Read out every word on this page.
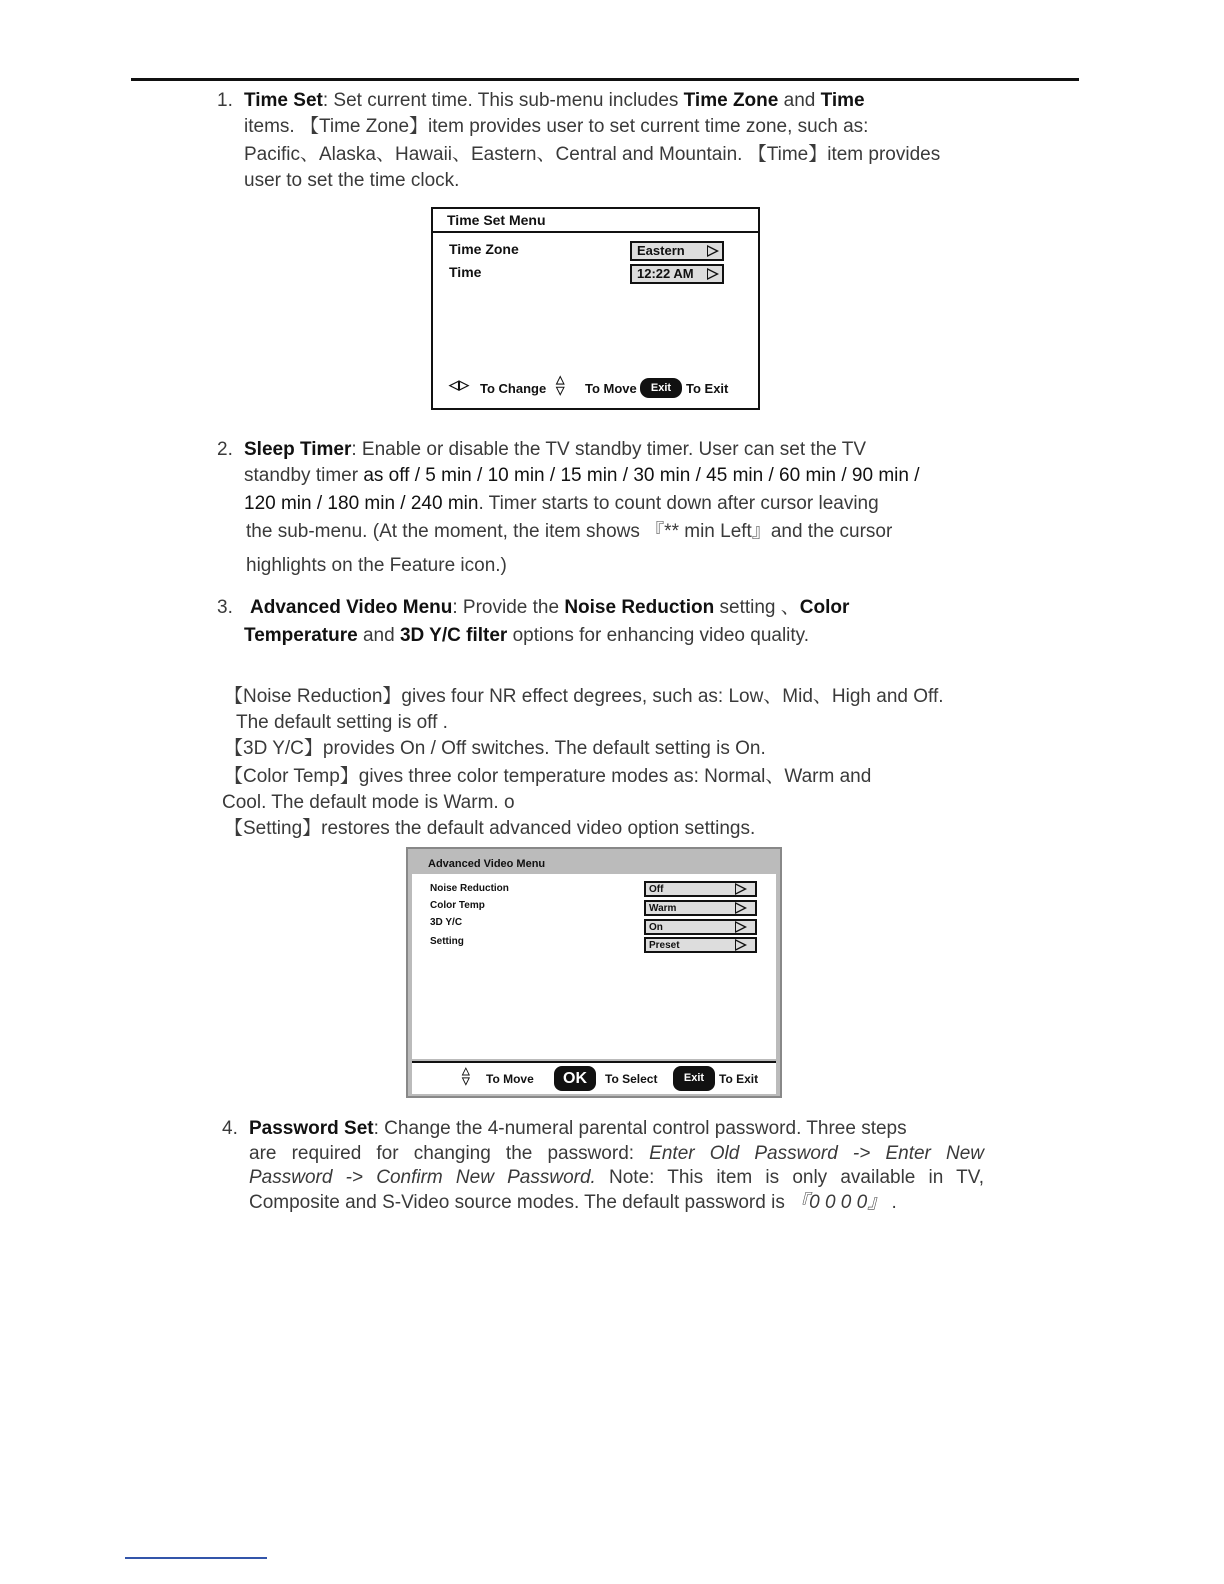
1. Time Set: Set current time. This sub-menu includes Time Zone and Time
items. 【Time Zone】item provides user to set current time zone, such as:
Pacific、Alaska、Hawaii、Eastern、Central and Mountain. 【Time】item provides
user to set the time clock.
Time Set Menu
Time Zone	Eastern
Time	12:22 AM
◁▷ To Change
△
▽ To Move	Exit	To Exit
2. Sleep Timer: Enable or disable the TV standby timer. User can set the TV
standby timer as off / 5 min / 10 min / 15 min / 30 min / 45 min / 60 min / 90 min /
120 min / 180 min / 240 min. Timer starts to count down after cursor leaving
the sub-menu. (At the moment, the item shows 『** min Left』and the cursor
highlights on the Feature icon.)
3. Advanced Video Menu: Provide the Noise Reduction setting 、Color
Temperature and 3D Y/C filter options for enhancing video quality.
【Noise Reduction】gives four NR effect degrees, such as: Low、Mid、High and Off.
The default setting is off .
【3D Y/C】provides On / Off switches. The default setting is On.
【Color Temp】gives three color temperature modes as: Normal、Warm and
Cool. The default mode is Warm. o
【Setting】restores the default advanced video option settings.
Advanced Video Menu
Noise Reduction	Off
Color Temp	Warm
3D Y/C	On
Setting	Preset
△
▽ To Move	OK	To Select	Exit	To Exit
4. Password Set: Change the 4-numeral parental control password. Three steps
are required for changing the password: Enter Old Password -> Enter New
Password -> Confirm New Password. Note: This item is only available in TV,
Composite and S-Video source modes. The default password is 『0 0 0 0』 .
